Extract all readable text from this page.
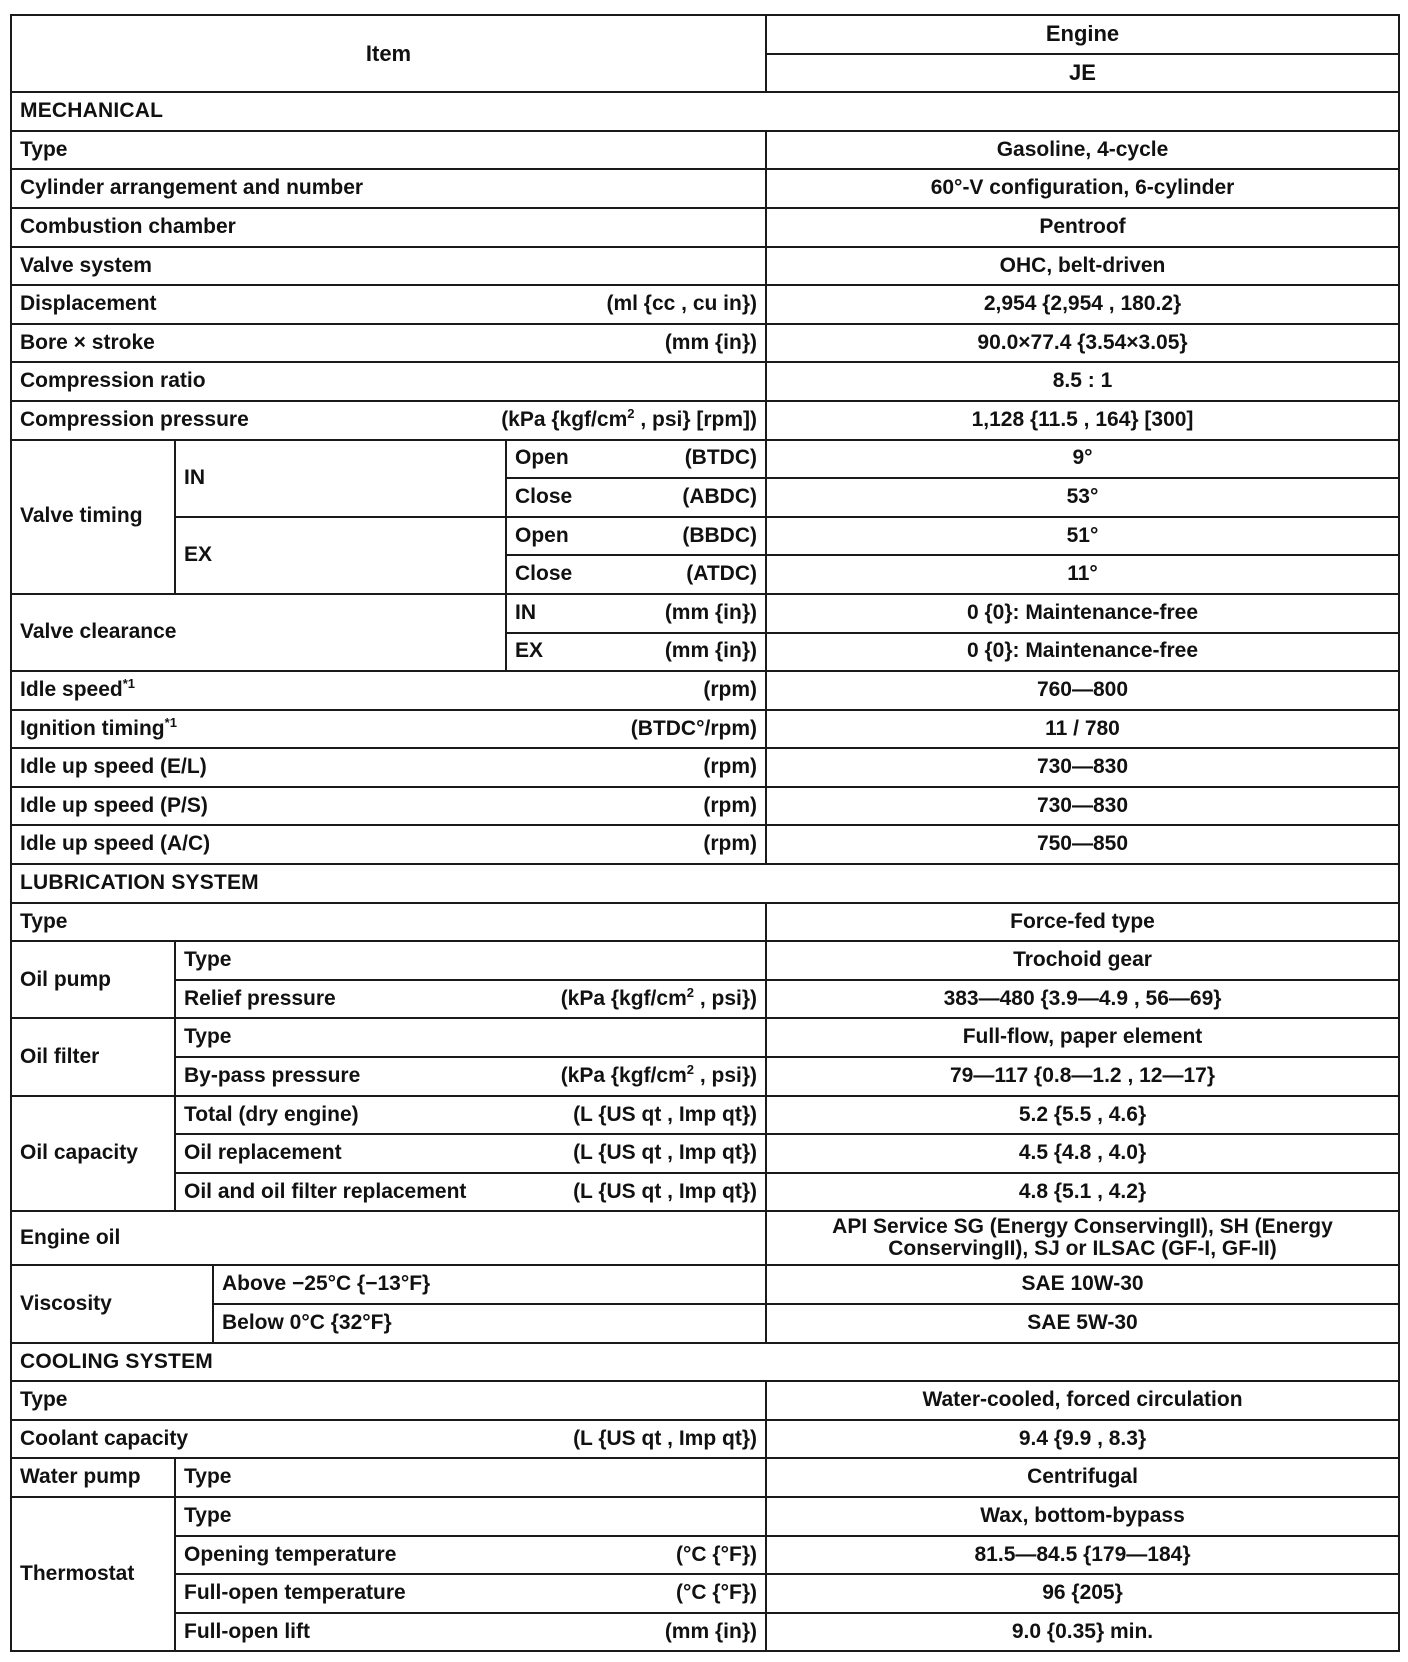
Item				Engine
				JE
MECHANICAL				
Type				Gasoline, 4-cycle
Cylinder arrangement and number				60°-V configuration, 6-cylinder
Combustion chamber				Pentroof
Valve system				OHC, belt-driven

Displacement (ml {cc , cu in})				2,954 {2,954 , 180.2}

Bore × stroke (mm {in})				90.0×77.4 {3.54×3.05}
Compression ratio				8.5 : 1

Compression pressure (kPa {$kgf/cm^2$ , psi} [rpm])				1,128 {11.5 , 164} [300]
Valve timing	IN		Open (BTDC)	9°

			Close (ABDC)	53°
	EX		Open (BBDC)	51°

			Close (ATDC)	11°
Valve clearance			IN (mm {in})	0 {0}: Maintenance-free

			EX (mm {in})	0 {0}: Maintenance-free

Idle speed$^{*1}$ (rpm)				760—800

Ignition timing$^{*1}$ (BTDC°/rpm)				11 / 780

Idle up speed (E/L) (rpm)				730—830

Idle up speed (P/S) (rpm)				730—830

Idle up speed (A/C) (rpm)				750—850
LUBRICATION SYSTEM				
Type				Force-fed type
Oil pump	Type			Trochoid gear

	Relief pressure (kPa {$kgf/cm^2$ , psi})			383—480 {3.9—4.9 , 56—69}
Oil filter	Type			Full-flow, paper element

	By-pass pressure (kPa {$kgf/cm^2$ , psi})			79—117 {0.8—1.2 , 12—17}
Oil capacity	Total (dry engine) (L {US qt , Imp qt})			5.2 {5.5 , 4.6}

	Oil replacement (L {US qt , Imp qt})			4.5 {4.8 , 4.0}

	Oil and oil filter replacement (L {US qt , Imp qt})			4.8 {5.1 , 4.2}
Engine oil				API Service SG (Energy ConservingII), SH (Energy ConservingII), SJ or ILSAC (GF-I, GF-II)
Viscosity		Above −25°C {−13°F}		SAE 10W-30
		Below 0°C {32°F}		SAE 5W-30
COOLING SYSTEM				
Type				Water-cooled, forced circulation

Coolant capacity (L {US qt , Imp qt})				9.4 {9.9 , 8.3}
Water pump	Type			Centrifugal
Thermostat	Type			Wax, bottom-bypass

	Opening temperature (°C {°F})			81.5—84.5 {179—184}

	Full-open temperature (°C {°F})			96 {205}

	Full-open lift (mm {in})			9.0 {0.35} min.
